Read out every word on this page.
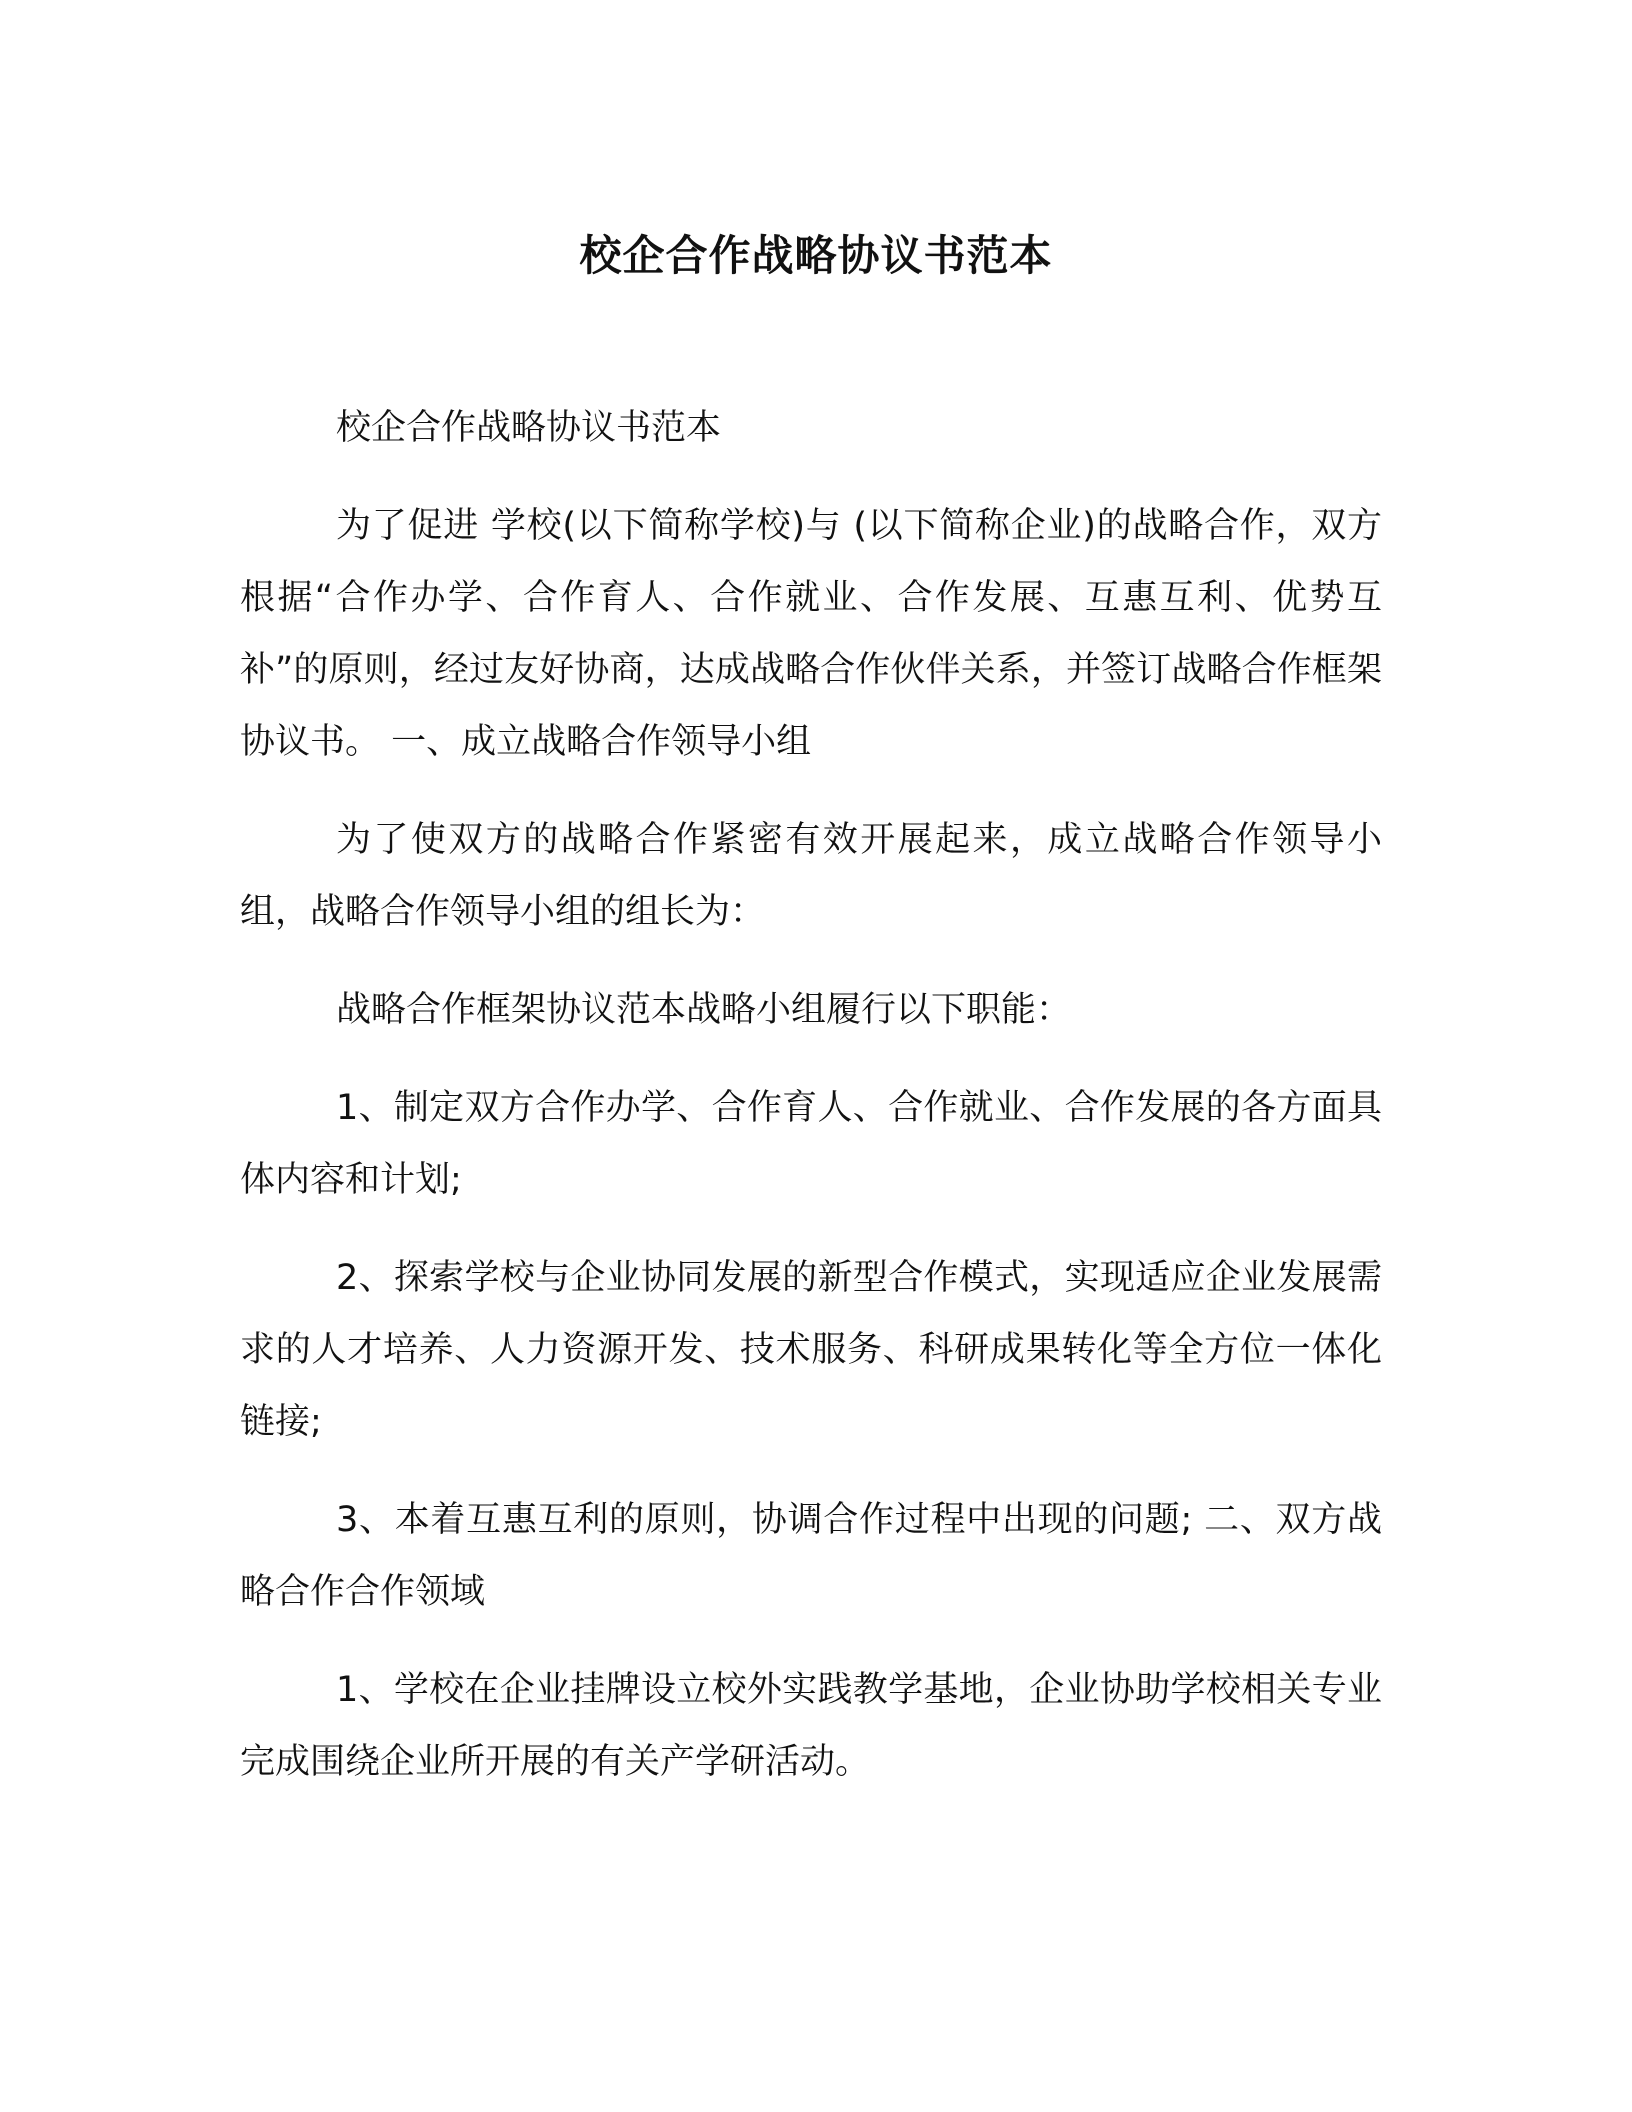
校企合作战略协议书范本

校企合作战略协议书范本

为了促进 学校(以下简称学校)与 (以下简称企业)的战略合作，双方根据“合作办学、合作育人、合作就业、合作发展、互惠互利、优势互补”的原则，经过友好协商，达成战略合作伙伴关系，并签订战略合作框架协议书。 一、成立战略合作领导小组

为了使双方的战略合作紧密有效开展起来，成立战略合作领导小组，战略合作领导小组的组长为：

战略合作框架协议范本战略小组履行以下职能：

1、制定双方合作办学、合作育人、合作就业、合作发展的各方面具体内容和计划;

2、探索学校与企业协同发展的新型合作模式，实现适应企业发展需求的人才培养、人力资源开发、技术服务、科研成果转化等全方位一体化链接;

3、本着互惠互利的原则，协调合作过程中出现的问题; 二、双方战略合作合作领域

1、学校在企业挂牌设立校外实践教学基地，企业协助学校相关专业完成围绕企业所开展的有关产学研活动。
